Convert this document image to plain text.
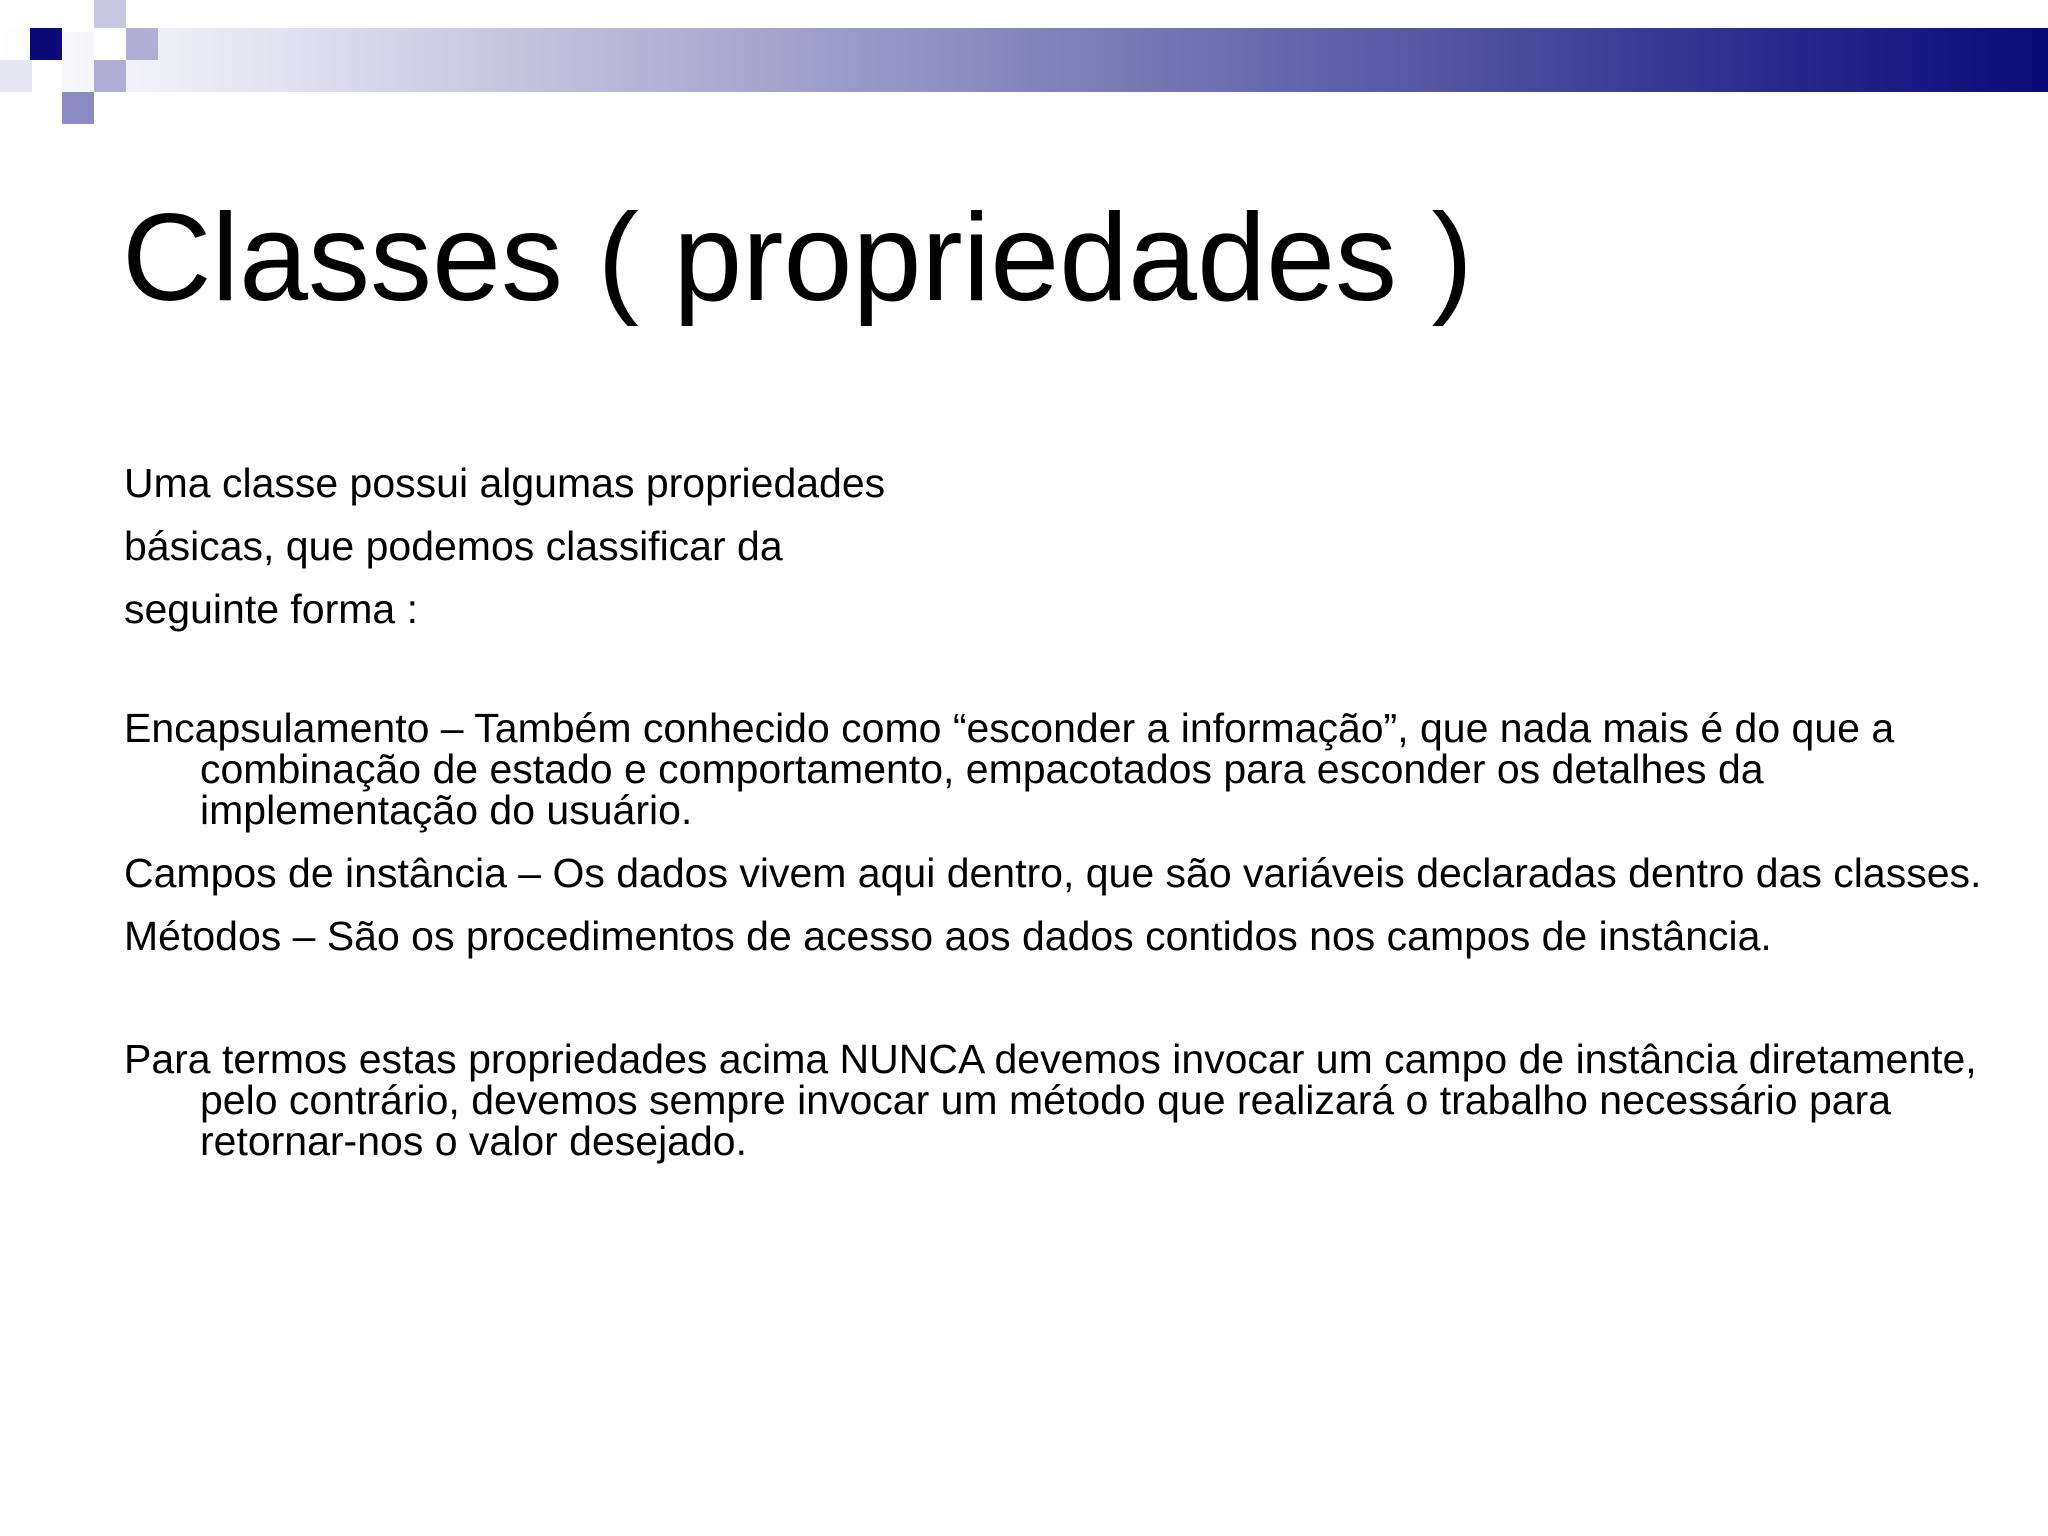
Classes ( propriedades )
Uma classe possui algumas propriedades
básicas, que podemos classificar da
seguinte forma :

Encapsulamento – Também conhecido como “esconder a informação”, que nada mais é do que a combinação de estado e comportamento, empacotados para esconder os detalhes da implementação do usuário.

Campos de instância – Os dados vivem aqui dentro, que são variáveis declaradas dentro das classes.

Métodos – São os procedimentos de acesso aos dados contidos nos campos de instância.

Para termos estas propriedades acima NUNCA devemos invocar um campo de instância diretamente, pelo contrário, devemos sempre invocar um método que realizará o trabalho necessário para retornar-nos o valor desejado.
